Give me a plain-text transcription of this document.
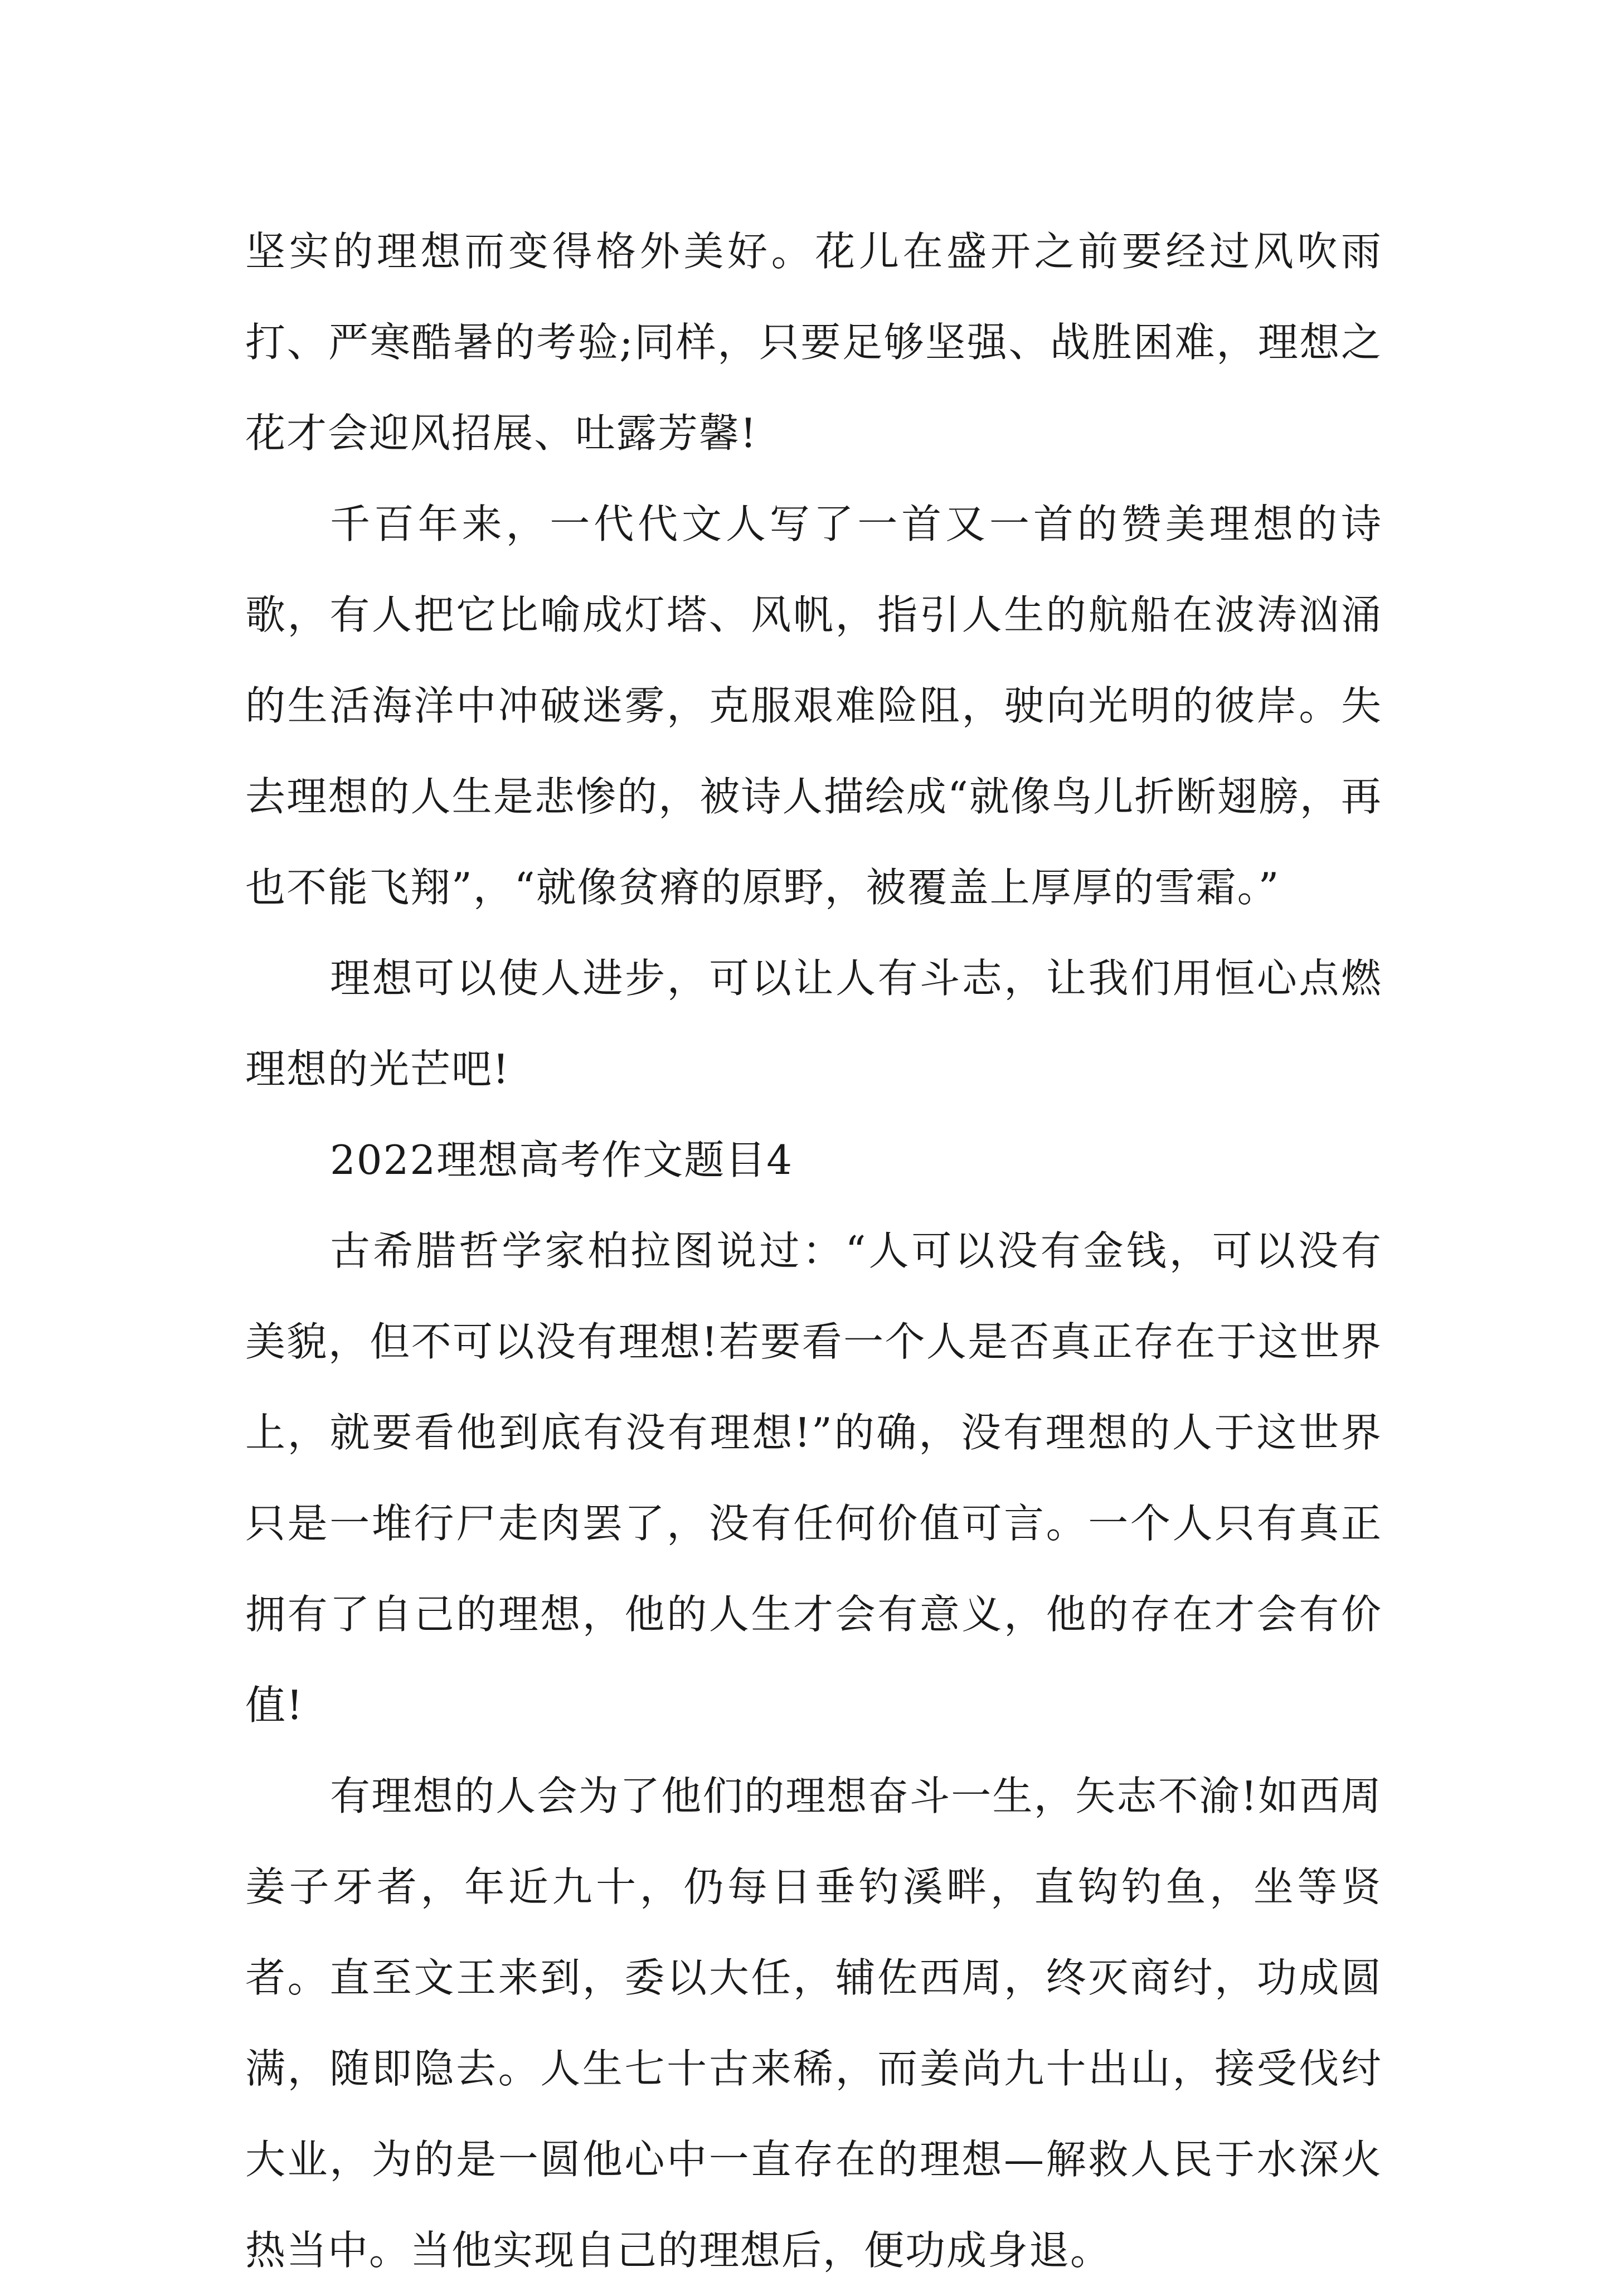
坚实的理想而变得格外美好。花儿在盛开之前要经过风吹雨打、严寒酷暑的考验;同样，只要足够坚强、战胜困难，理想之花才会迎风招展、吐露芳馨!

千百年来，一代代文人写了一首又一首的赞美理想的诗歌，有人把它比喻成灯塔、风帆，指引人生的航船在波涛汹涌的生活海洋中冲破迷雾，克服艰难险阻，驶向光明的彼岸。失去理想的人生是悲惨的，被诗人描绘成“就像鸟儿折断翅膀，再也不能飞翔”，“就像贫瘠的原野，被覆盖上厚厚的雪霜。”

理想可以使人进步，可以让人有斗志，让我们用恒心点燃理想的光芒吧!

2022理想高考作文题目4

古希腊哲学家柏拉图说过：“人可以没有金钱，可以没有美貌，但不可以没有理想!若要看一个人是否真正存在于这世界上，就要看他到底有没有理想!”的确，没有理想的人于这世界只是一堆行尸走肉罢了，没有任何价值可言。一个人只有真正拥有了自己的理想，他的人生才会有意义，他的存在才会有价值!

有理想的人会为了他们的理想奋斗一生，矢志不渝!如西周姜子牙者，年近九十，仍每日垂钓溪畔，直钩钓鱼，坐等贤者。直至文王来到，委以大任，辅佐西周，终灭商纣，功成圆满，随即隐去。人生七十古来稀，而姜尚九十出山，接受伐纣大业，为的是一圆他心中一直存在的理想—解救人民于水深火热当中。当他实现自己的理想后，便功成身退。
